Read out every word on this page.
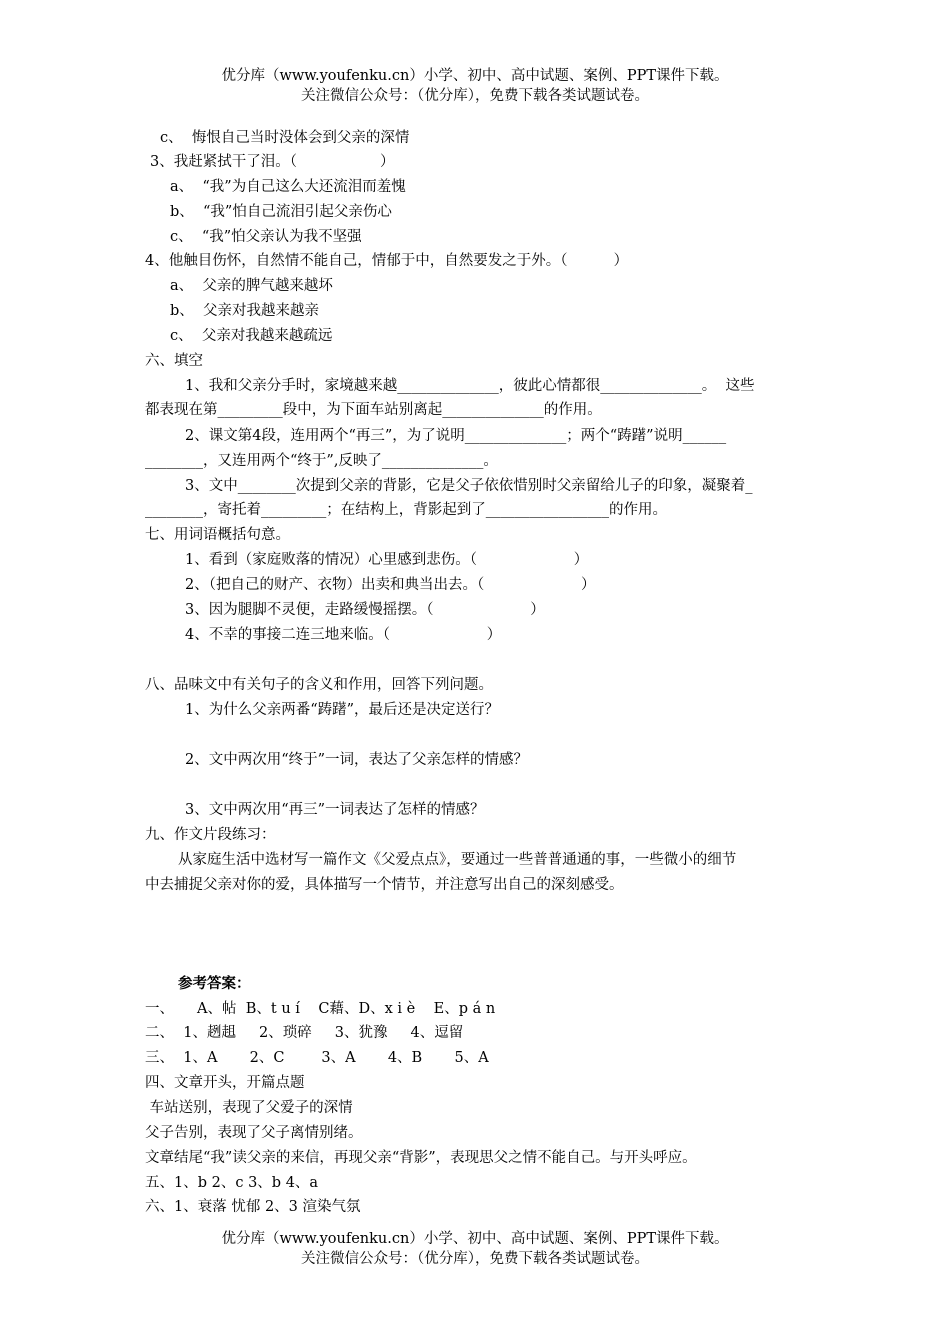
优分库（www.youfenku.cn）小学、初中、高中试题、案例、PPT课件下载。
关注微信公众号：（优分库），免费下载各类试题试卷。
c、  悔恨自己当时没体会到父亲的深情
3、我赶紧拭干了泪。（                  ）
a、  “我”为自己这么大还流泪而羞愧
b、  “我”怕自己流泪引起父亲伤心
c、  “我”怕父亲认为我不坚强
4、他触目伤怀，自然情不能自己，情郁于中，自然要发之于外。（          ）
a、  父亲的脾气越来越坏
b、  父亲对我越来越亲
c、  父亲对我越来越疏远
六、填空
1、我和父亲分手时，家境越来越______________，彼此心情都很______________。  这些
都表现在第_________段中，为下面车站别离起______________的作用。
2、课文第4段，连用两个“再三”，为了说明______________；两个“踌躇”说明______
________，又连用两个“终于”,反映了______________。
3、文中________次提到父亲的背影，它是父子依依惜别时父亲留给儿子的印象，凝聚着_
________，寄托着_________；在结构上，背影起到了_________________的作用。
七、用词语概括句意。
1、看到（家庭败落的情况）心里感到悲伤。（                     ）
2、（把自己的财产、衣物）出卖和典当出去。（                     ）
3、因为腿脚不灵便，走路缓慢摇摆。（                     ）
4、不幸的事接二连三地来临。（                     ）
八、品味文中有关句子的含义和作用，回答下列问题。
1、为什么父亲两番“踌躇”，最后还是决定送行？
2、文中两次用“终于”一词，表达了父亲怎样的情感？
3、文中两次用“再三”一词表达了怎样的情感？
九、作文片段练习：
从家庭生活中选材写一篇作文《父爱点点》，要通过一些普普通通的事，一些微小的细节
中去捕捉父亲对你的爱，具体描写一个情节，并注意写出自己的深刻感受。
参考答案：
一、     A、帖  B、t u í    C藉、D、x i è    E、p á n
二、  1、趔趄     2、琐碎     3、犹豫     4、逗留
三、  1、A       2、C        3、A       4、B       5、A
四、文章开头，开篇点题
车站送别，表现了父爱子的深情
父子告别，表现了父子离情别绪。
文章结尾“我”读父亲的来信，再现父亲“背影”，表现思父之情不能自己。与开头呼应。
五、1、b 2、c 3、b 4、a
六、1、衰落 忧郁 2、3 渲染气氛
优分库（www.youfenku.cn）小学、初中、高中试题、案例、PPT课件下载。
关注微信公众号：（优分库），免费下载各类试题试卷。
